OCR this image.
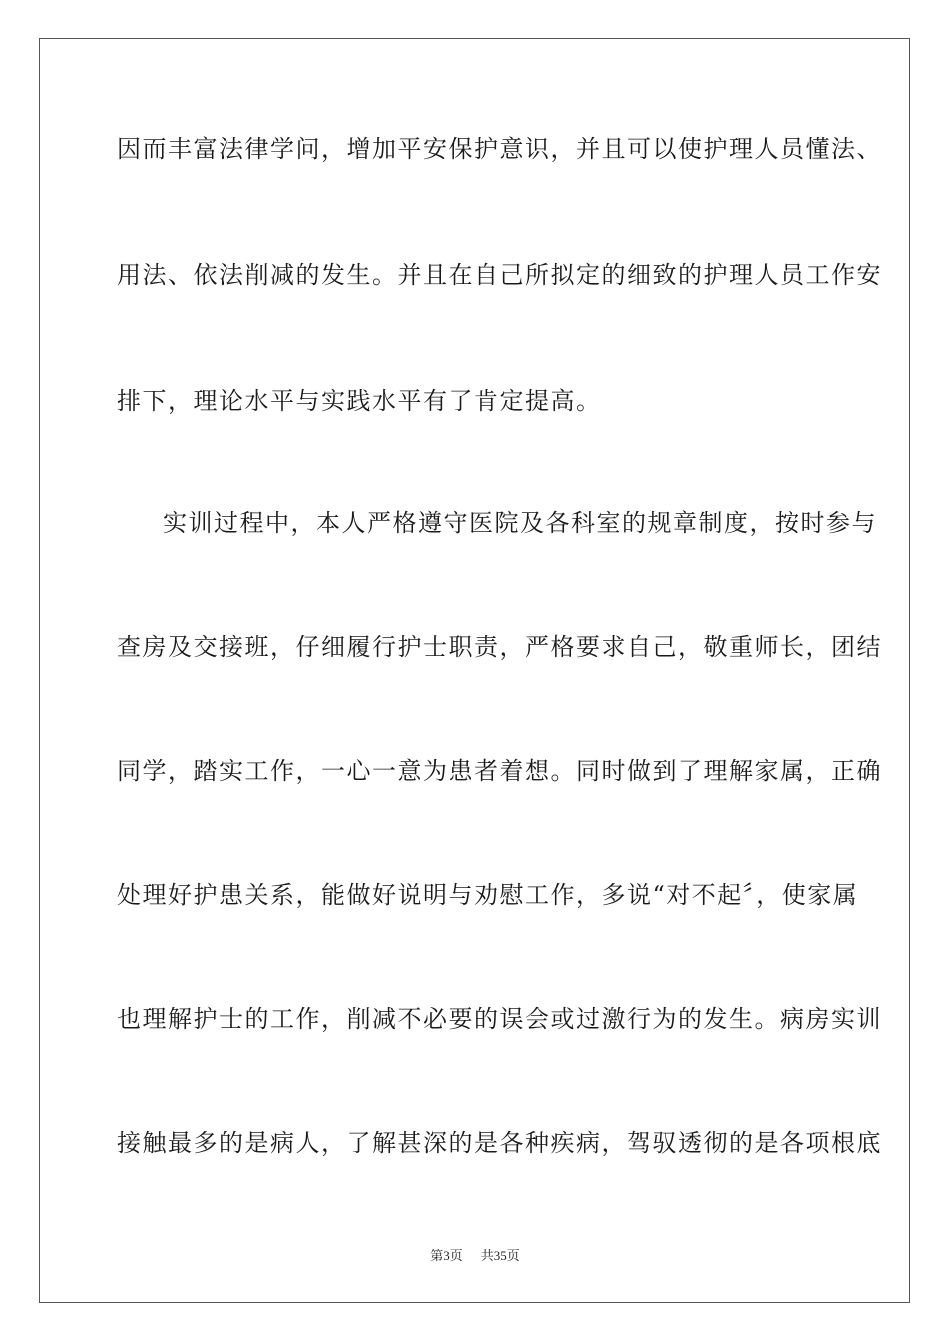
因而丰富法律学问，增加平安保护意识，并且可以使护理人员懂法、
用法、依法削减的发生。并且在自己所拟定的细致的护理人员工作安
排下，理论水平与实践水平有了肯定提高。
实训过程中，本人严格遵守医院及各科室的规章制度，按时参与
查房及交接班，仔细履行护士职责，严格要求自己，敬重师长，团结
同学，踏实工作，一心一意为患者着想。同时做到了理解家属，正确
处理好护患关系，能做好说明与劝慰工作，多说“对不起〞，使家属
也理解护士的工作，削减不必要的误会或过激行为的发生。病房实训
接触最多的是病人，了解甚深的是各种疾病，驾驭透彻的是各项根底
第3页 共35页
